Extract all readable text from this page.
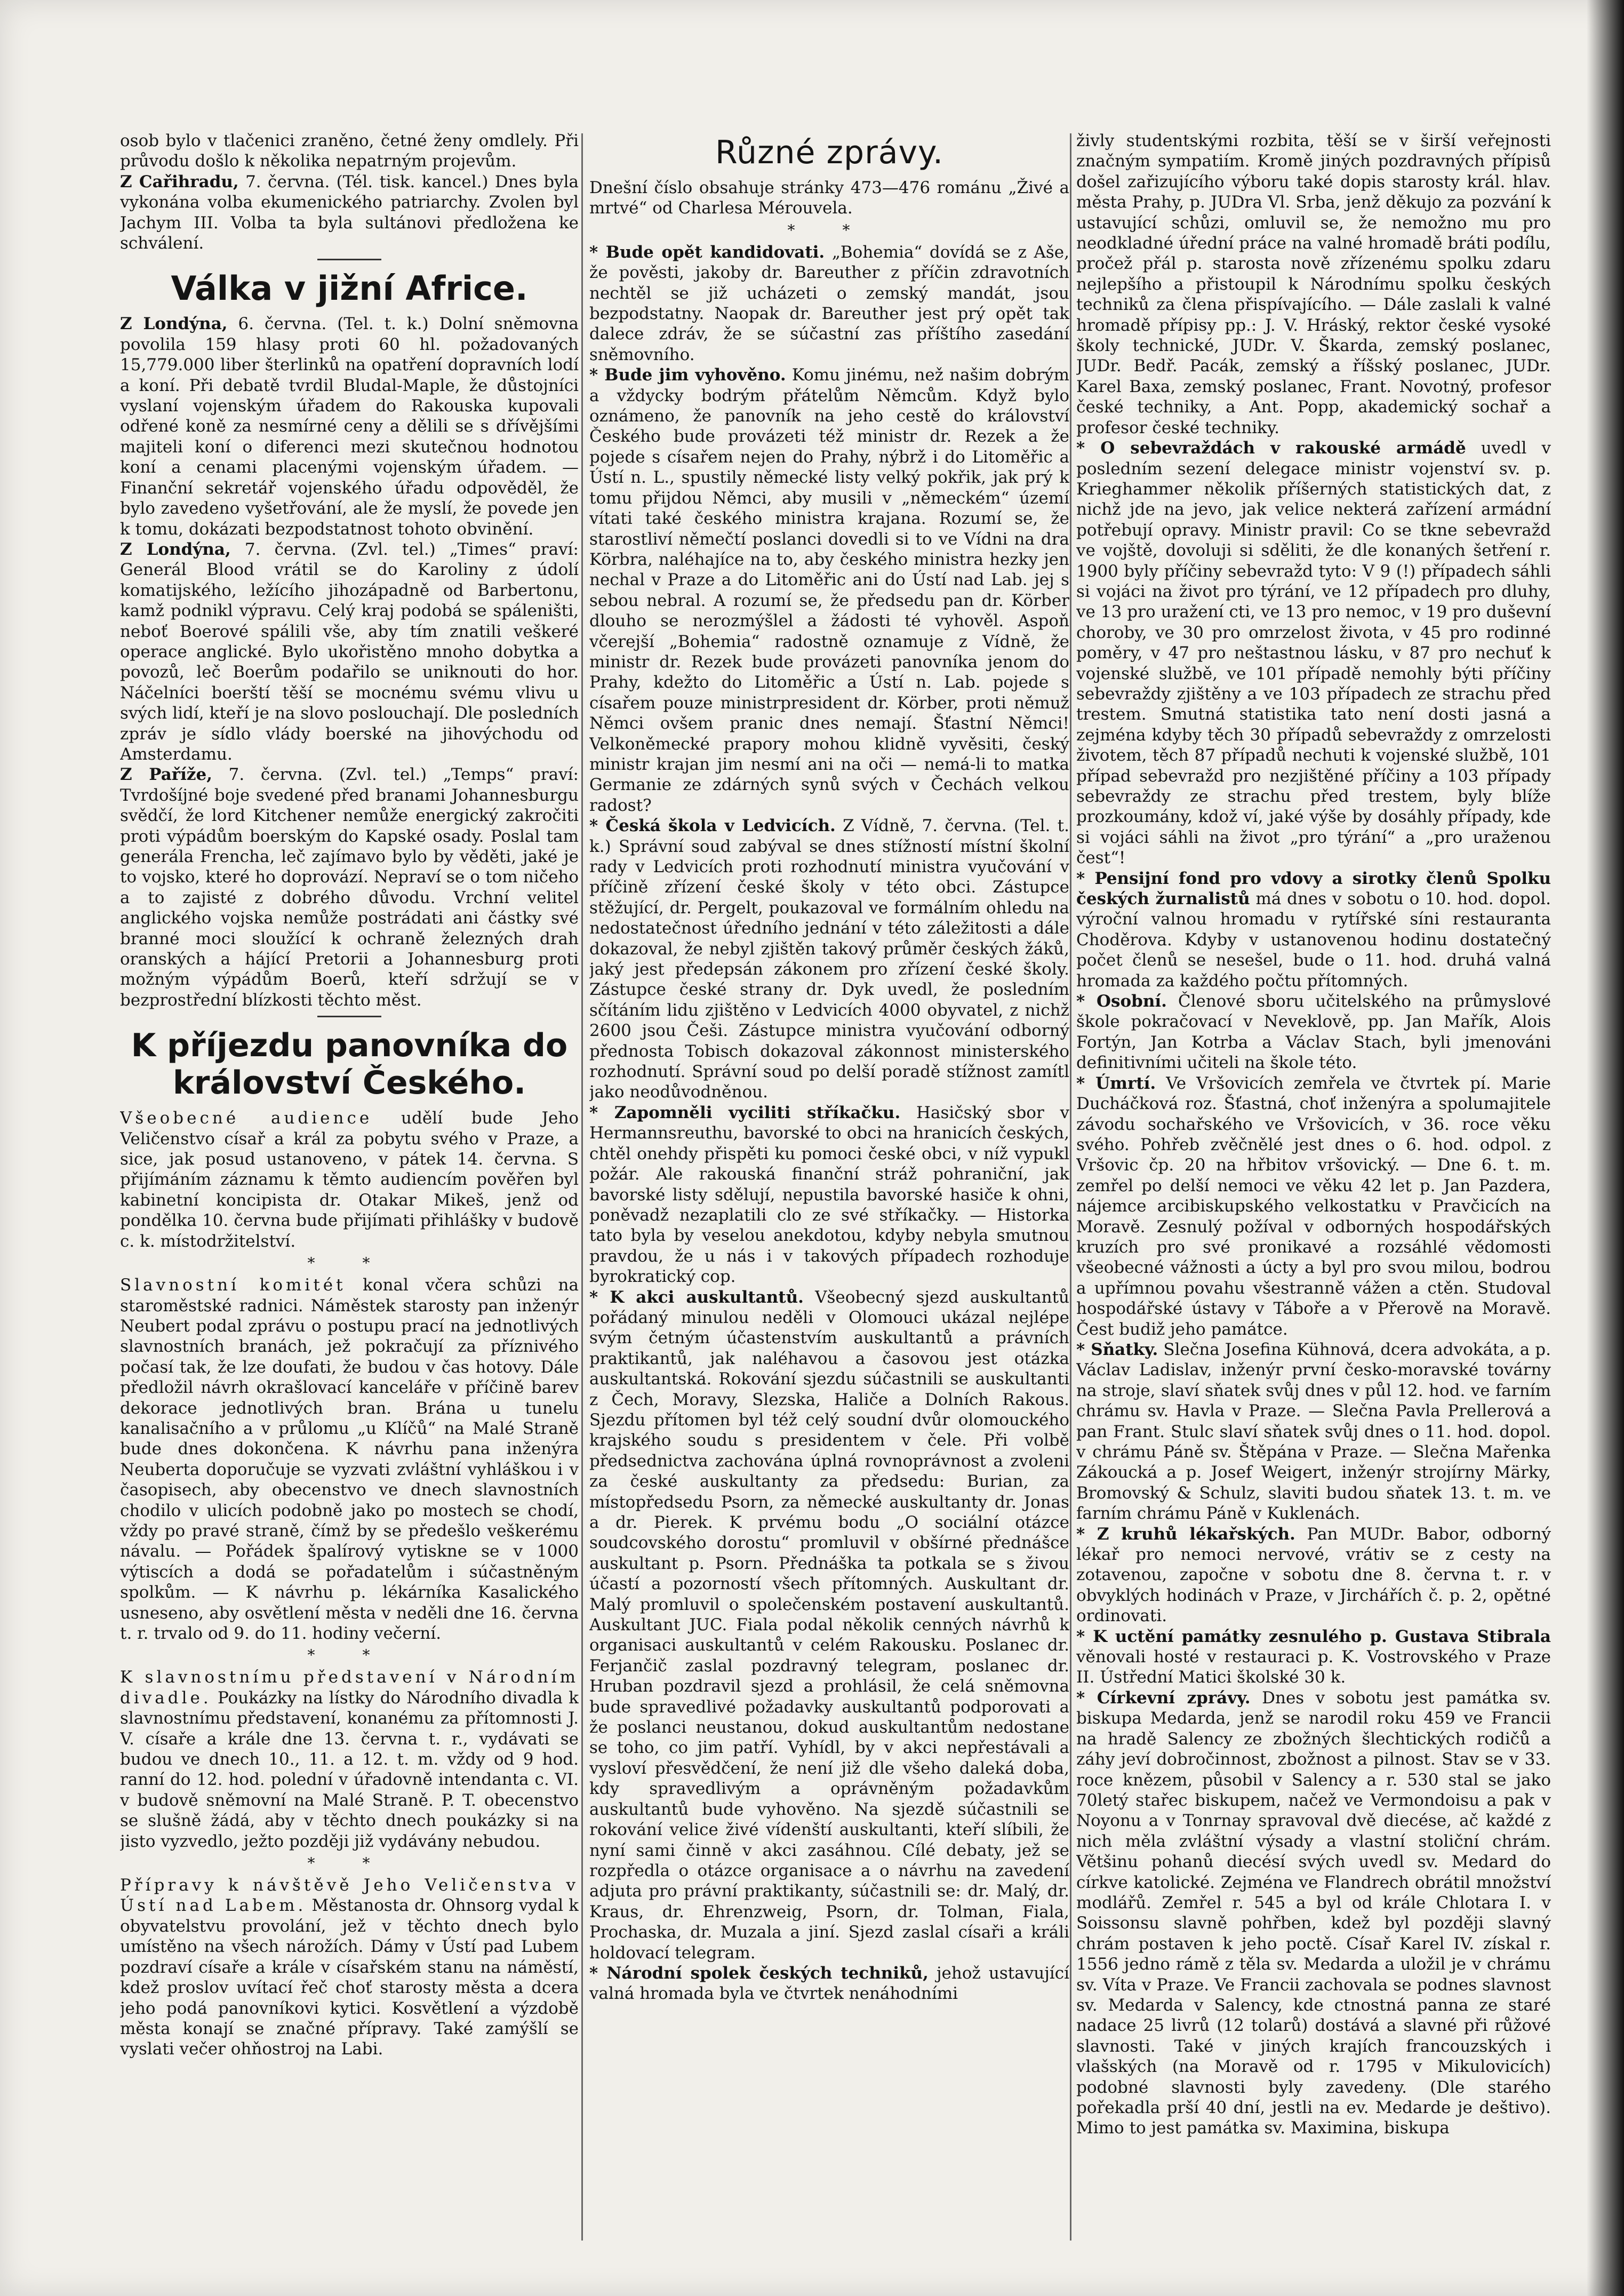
osob bylo v tlačenici zraněno, četné ženy omdlely. Při průvodu došlo k několika nepatrným projevům.

Z Cařihradu, 7. června. (Tél. tisk. kancel.) Dnes byla vykonána volba ekumenického patriarchy. Zvolen byl Jachym III. Volba ta byla sultánovi předložena ke schválení.

Válka v jižní Africe.

Z Londýna, 6. června. (Tel. t. k.) Dolní sněmovna povolila 159 hlasy proti 60 hl. požadovaných 15,779.000 liber šterlinků na opatření dopravních lodí a koní. Při debatě tvrdil Bludal-Maple, že důstojníci vyslaní vojenským úřadem do Rakouska kupovali odřené koně za nesmírné ceny a dělili se s dřívějšími majiteli koní o diferenci mezi skutečnou hodnotou koní a cenami placenými vojenským úřadem. — Finanční sekretář vojenského úřadu odpověděl, že bylo zavedeno vyšetřování, ale že myslí, že povede jen k tomu, dokázati bezpodstatnost tohoto obvinění.

Z Londýna, 7. června. (Zvl. tel.) „Times“ praví: Generál Blood vrátil se do Karoliny z údolí komatijského, ležícího jihozápadně od Barbertonu, kamž podnikl výpravu. Celý kraj podobá se spáleništi, neboť Boerové spálili vše, aby tím znatili veškeré operace anglické. Bylo ukořistěno mnoho dobytka a povozů, leč Boerům podařilo se uniknouti do hor. Náčelníci boerští těší se mocnému svému vlivu u svých lidí, kteří je na slovo poslouchají. Dle posledních zpráv je sídlo vlády boerské na jihovýchodu od Amsterdamu.

Z Paříže, 7. června. (Zvl. tel.) „Temps“ praví: Tvrdošíjné boje svedené před branami Johannesburgu svědčí, že lord Kitchener nemůže energický zakročiti proti výpádům boerským do Kapské osady. Poslal tam generála Frencha, leč zajímavo bylo by věděti, jaké je to vojsko, které ho doprovází. Nepraví se o tom ničeho a to zajisté z dobrého důvodu. Vrchní velitel anglického vojska nemůže postrádati ani částky své branné moci sloužící k ochraně železných drah oranských a hájící Pretorii a Johannesburg proti možným výpádům Boerů, kteří sdržují se v bezprostřední blízkosti těchto měst.

K příjezdu panovníka do království Českého.

Všeobecné audience udělí bude Jeho Veličenstvo císař a král za pobytu svého v Praze, a sice, jak posud ustanoveno, v pátek 14. června. S přijímáním záznamu k těmto audiencím pověřen byl kabinetní koncipista dr. Otakar Mikeš, jenž od pondělka 10. června bude přijímati přihlášky v budově c. k. místodržitelství.

* *

Slavnostní komitét konal včera schůzi na staroměstské radnici. Náměstek starosty pan inženýr Neubert podal zprávu o postupu prací na jednotlivých slavnostních branách, jež pokračují za příznivého počasí tak, že lze doufati, že budou v čas hotovy. Dále předložil návrh okrašlovací kanceláře v příčině barev dekorace jednotlivých bran. Brána u tunelu kanalisačního a v průlomu „u Klíčů“ na Malé Straně bude dnes dokončena. K návrhu pana inženýra Neuberta doporučuje se vyzvati zvláštní vyhláškou i v časopisech, aby obecenstvo ve dnech slavnostních chodilo v ulicích podobně jako po mostech se chodí, vždy po pravé straně, čímž by se předešlo veškerému návalu. — Pořádek špalírový vytiskne se v 1000 výtiscích a dodá se pořadatelům i súčastněným spolkům. — K návrhu p. lékárníka Kasalického usneseno, aby osvětlení města v neděli dne 16. června t. r. trvalo od 9. do 11. hodiny večerní.

* *

K slavnostnímu představení v Národním divadle. Poukázky na lístky do Národního divadla k slavnostnímu představení, konanému za přítomnosti J. V. císaře a krále dne 13. června t. r., vydávati se budou ve dnech 10., 11. a 12. t. m. vždy od 9 hod. ranní do 12. hod. polední v úřadovně intendanta c. VI. v budově sněmovní na Malé Straně. P. T. obecenstvo se slušně žádá, aby v těchto dnech poukázky si na jisto vyzvedlo, ježto později již vydávány nebudou.

* *

Přípravy k návštěvě Jeho Veličenstva v Ústí nad Labem. Městanosta dr. Ohnsorg vydal k obyvatelstvu provolání, jež v těchto dnech bylo umístěno na všech nárožích. Dámy v Ústí pad Lubem pozdraví císaře a krále v císařském stanu na náměstí, kdež proslov uvítací řeč choť starosty města a dcera jeho podá panovníkovi kytici. Kosvětlení a výzdobě města konají se značné přípravy. Také zamýšlí se vyslati večer ohňostroj na Labi.

Různé zprávy.

Dnešní číslo obsahuje stránky 473—476 románu „Živé a mrtvé“ od Charlesa Mérouvela.

* *

* Bude opět kandidovati. „Bohemia“ dovídá se z Aše, že pověsti, jakoby dr. Bareuther z příčin zdravotních nechtěl se již ucházeti o zemský mandát, jsou bezpodstatny. Naopak dr. Bareuther jest prý opět tak dalece zdráv, že se súčastní zas příštího zasedání sněmovního.

* Bude jim vyhověno. Komu jinému, než našim dobrým a vždycky bodrým přátelům Němcům. Když bylo oznámeno, že panovník na jeho cestě do království Českého bude provázeti též ministr dr. Rezek a že pojede s císařem nejen do Prahy, nýbrž i do Litoměřic a Ústí n. L., spustily německé listy velký pokřik, jak prý k tomu přijdou Němci, aby musili v „německém“ území vítati také českého ministra krajana. Rozumí se, že starostliví němečtí poslanci dovedli si to ve Vídni na dra Körbra, naléhajíce na to, aby českého ministra hezky jen nechal v Praze a do Litoměřic ani do Ústí nad Lab. jej s sebou nebral. A rozumí se, že předsedu pan dr. Körber dlouho se nerozmýšlel a žádosti té vyhověl. Aspoň včerejší „Bohemia“ radostně oznamuje z Vídně, že ministr dr. Rezek bude provázeti panovníka jenom do Prahy, kdežto do Litoměřic a Ústí n. Lab. pojede s císařem pouze ministrpresident dr. Körber, proti němuž Němci ovšem pranic dnes nemají. Šťastní Němci! Velkoněmecké prapory mohou klidně vyvěsiti, český ministr krajan jim nesmí ani na oči — nemá-li to matka Germanie ze zdárných synů svých v Čechách velkou radost?

* Česká škola v Ledvicích. Z Vídně, 7. června. (Tel. t. k.) Správní soud zabýval se dnes stížností místní školní rady v Ledvicích proti rozhodnutí ministra vyučování v příčině zřízení české školy v této obci. Zástupce stěžující, dr. Pergelt, poukazoval ve formálním ohledu na nedostatečnost úředního jednání v této záležitosti a dále dokazoval, že nebyl zjištěn takový průměr českých žáků, jaký jest předepsán zákonem pro zřízení české školy. Zástupce české strany dr. Dyk uvedl, že posledním sčítáním lidu zjištěno v Ledvicích 4000 obyvatel, z nichž 2600 jsou Češi. Zástupce ministra vyučování odborný přednosta Tobisch dokazoval zákonnost ministerského rozhodnutí. Správní soud po delší poradě stížnost zamítl jako neodůvodněnou.

* Zapomněli vyciliti stříkačku. Hasičský sbor v Hermannsreuthu, bavorské to obci na hranicích českých, chtěl onehdy přispěti ku pomoci české obci, v níž vypukl požár. Ale rakouská finanční stráž pohraniční, jak bavorské listy sdělují, nepustila bavorské hasiče k ohni, poněvadž nezaplatili clo ze své stříkačky. — Historka tato byla by veselou anekdotou, kdyby nebyla smutnou pravdou, že u nás i v takových případech rozhoduje byrokratický cop.

* K akci auskultantů. Všeobecný sjezd auskultantů pořádaný minulou neděli v Olomouci ukázal nejlépe svým četným účastenstvím auskultantů a právních praktikantů, jak naléhavou a časovou jest otázka auskultantská. Rokování sjezdu súčastnili se auskultanti z Čech, Moravy, Slezska, Haliče a Dolních Rakous. Sjezdu přítomen byl též celý soudní dvůr olomouckého krajského soudu s presidentem v čele. Při volbě předsednictva zachována úplná rovnoprávnost a zvoleni za české auskultanty za předsedu: Burian, za místopředsedu Psorn, za německé auskultanty dr. Jonas a dr. Pierek. K prvému bodu „O sociální otázce soudcovského dorostu“ promluvil v obšírné přednášce auskultant p. Psorn. Přednáška ta potkala se s živou účastí a pozorností všech přítomných. Auskultant dr. Malý promluvil o společenském postavení auskultantů. Auskultant JUC. Fiala podal několik cenných návrhů k organisaci auskultantů v celém Rakousku. Poslanec dr. Ferjančič zaslal pozdravný telegram, poslanec dr. Hruban pozdravil sjezd a prohlásil, že celá sněmovna bude spravedlivé požadavky auskultantů podporovati a že poslanci neustanou, dokud auskultantům nedostane se toho, co jim patří. Vyhídl, by v akci nepřestávali a vysloví přesvědčení, že není již dle všeho daleká doba, kdy spravedlivým a oprávněným požadavkům auskultantů bude vyhověno. Na sjezdě súčastnili se rokování velice živé vídenští auskultanti, kteří slíbili, že nyní sami činně v akci zasáhnou. Cílé debaty, jež se rozpředla o otázce organisace a o návrhu na zavedení adjuta pro právní praktikanty, súčastnili se: dr. Malý, dr. Kraus, dr. Ehrenzweig, Psorn, dr. Tolman, Fiala, Prochaska, dr. Muzala a jiní. Sjezd zaslal císaři a králi holdovací telegram.

* Národní spolek českých techniků, jehož ustavující valná hromada byla ve čtvrtek nenáhodními

živly studentskými rozbita, těší se v širší veřejnosti značným sympatiím. Kromě jiných pozdravných přípisů došel zařizujícího výboru také dopis starosty král. hlav. města Prahy, p. JUDra Vl. Srba, jenž děkujo za pozvání k ustavující schůzi, omluvil se, že nemožno mu pro neodkladné úřední práce na valné hromadě bráti podílu, pročež přál p. starosta nově zřízenému spolku zdaru nejlepšího a přistoupil k Národnímu spolku českých techniků za člena přispívajícího. — Dále zaslali k valné hromadě přípisy pp.: J. V. Hráský, rektor české vysoké školy technické, JUDr. V. Škarda, zemský poslanec, JUDr. Bedř. Pacák, zemský a říšský poslanec, JUDr. Karel Baxa, zemský poslanec, Frant. Novotný, profesor české techniky, a Ant. Popp, akademický sochař a profesor české techniky.

* O sebevraždách v rakouské armádě uvedl v posledním sezení delegace ministr vojenství sv. p. Krieghammer několik příšerných statistických dat, z nichž jde na jevo, jak velice nekterá zařízení armádní potřebují opravy. Ministr pravil: Co se tkne sebevražd ve vojště, dovoluji si sděliti, že dle konaných šetření r. 1900 byly příčiny sebevražd tyto: V 9 (!) případech sáhli si vojáci na život pro týrání, ve 12 případech pro dluhy, ve 13 pro uražení cti, ve 13 pro nemoc, v 19 pro duševní choroby, ve 30 pro omrzelost života, v 45 pro rodinné poměry, v 47 pro neštastnou lásku, v 87 pro nechuť k vojenské službě, ve 101 případě nemohly býti příčiny sebevraždy zjištěny a ve 103 případech ze strachu před trestem. Smutná statistika tato není dosti jasná a zejména kdyby těch 30 případů sebevraždy z omrzelosti životem, těch 87 případů nechuti k vojenské službě, 101 případ sebevražd pro nezjištěné příčiny a 103 případy sebevraždy ze strachu před trestem, byly blíže prozkoumány, kdož ví, jaké výše by dosáhly případy, kde si vojáci sáhli na život „pro týrání“ a „pro uraženou čest“!

* Pensijní fond pro vdovy a sirotky členů Spolku českých žurnalistů má dnes v sobotu o 10. hod. dopol. výroční valnou hromadu v rytířské síni restauranta Choděrova. Kdyby v ustanovenou hodinu dostatečný počet členů se nesešel, bude o 11. hod. druhá valná hromada za každého počtu přítomných.

* Osobní. Členové sboru učitelského na průmyslové škole pokračovací v Neveklově, pp. Jan Mařík, Alois Fortýn, Jan Kotrba a Václav Stach, byli jmenováni definitivními učiteli na škole této.

* Úmrtí. Ve Vršovicích zemřela ve čtvrtek pí. Marie Ducháčková roz. Šťastná, choť inženýra a spolumajitele závodu sochařského ve Vršovicích, v 36. roce věku svého. Pohřeb zvěčnělé jest dnes o 6. hod. odpol. z Vršovic čp. 20 na hřbitov vršovický. — Dne 6. t. m. zemřel po delší nemoci ve věku 42 let p. Jan Pazdera, nájemce arcibiskupského velkostatku v Pravčicích na Moravě. Zesnulý požíval v odborných hospodářských kruzích pro své pronikavé a rozsáhlé vědomosti všeobecné vážnosti a úcty a byl pro svou milou, bodrou a upřímnou povahu všestranně vážen a ctěn. Studoval hospodářské ústavy v Táboře a v Přerově na Moravě. Čest budiž jeho památce.

* Sňatky. Slečna Josefina Kühnová, dcera advokáta, a p. Václav Ladislav, inženýr první česko-moravské továrny na stroje, slaví sňatek svůj dnes v půl 12. hod. ve farním chrámu sv. Havla v Praze. — Slečna Pavla Prellerová a pan Frant. Stulc slaví sňatek svůj dnes o 11. hod. dopol. v chrámu Páně sv. Štěpána v Praze. — Slečna Mařenka Zákoucká a p. Josef Weigert, inženýr strojírny Märky, Bromovský & Schulz, slaviti budou sňatek 13. t. m. ve farním chrámu Páně v Kuklenách.

* Z kruhů lékařských. Pan MUDr. Babor, odborný lékař pro nemoci nervové, vrátiv se z cesty na zotavenou, započne v sobotu dne 8. června t. r. v obvyklých hodinách v Praze, v Jirchářích č. p. 2, opětné ordinovati.

* K uctění památky zesnulého p. Gustava Stibrala věnovali hosté v restauraci p. K. Vostrovského v Praze II. Ústřední Matici školské 30 k.

* Církevní zprávy. Dnes v sobotu jest památka sv. biskupa Medarda, jenž se narodil roku 459 ve Francii na hradě Salency ze zbožných šlechtických rodičů a záhy jeví dobročinnost, zbožnost a pilnost. Stav se v 33. roce knězem, působil v Salency a r. 530 stal se jako 70letý stařec biskupem, načež ve Vermondoisu a pak v Noyonu a v Tonrnay spravoval dvě diecése, ač každé z nich měla zvláštní výsady a vlastní stoliční chrám. Většinu pohanů diecésí svých uvedl sv. Medard do církve katolické. Zejména ve Flandrech obrátil množství modlářů. Zemřel r. 545 a byl od krále Chlotara I. v Soissonsu slavně pohřben, kdež byl později slavný chrám postaven k jeho poctě. Císař Karel IV. získal r. 1556 jedno rámě z těla sv. Medarda a uložil je v chrámu sv. Víta v Praze. Ve Francii zachovala se podnes slavnost sv. Medarda v Salency, kde ctnostná panna ze staré nadace 25 livrů (12 tolarů) dostává a slavné při růžové slavnosti. Také v jiných krajích francouzských i vlašských (na Moravě od r. 1795 v Mikulovicích) podobné slavnosti byly zavedeny. (Dle starého pořekadla prší 40 dní, jestli na ev. Medarde je deštivo). Mimo to jest památka sv. Maximina, biskupa
